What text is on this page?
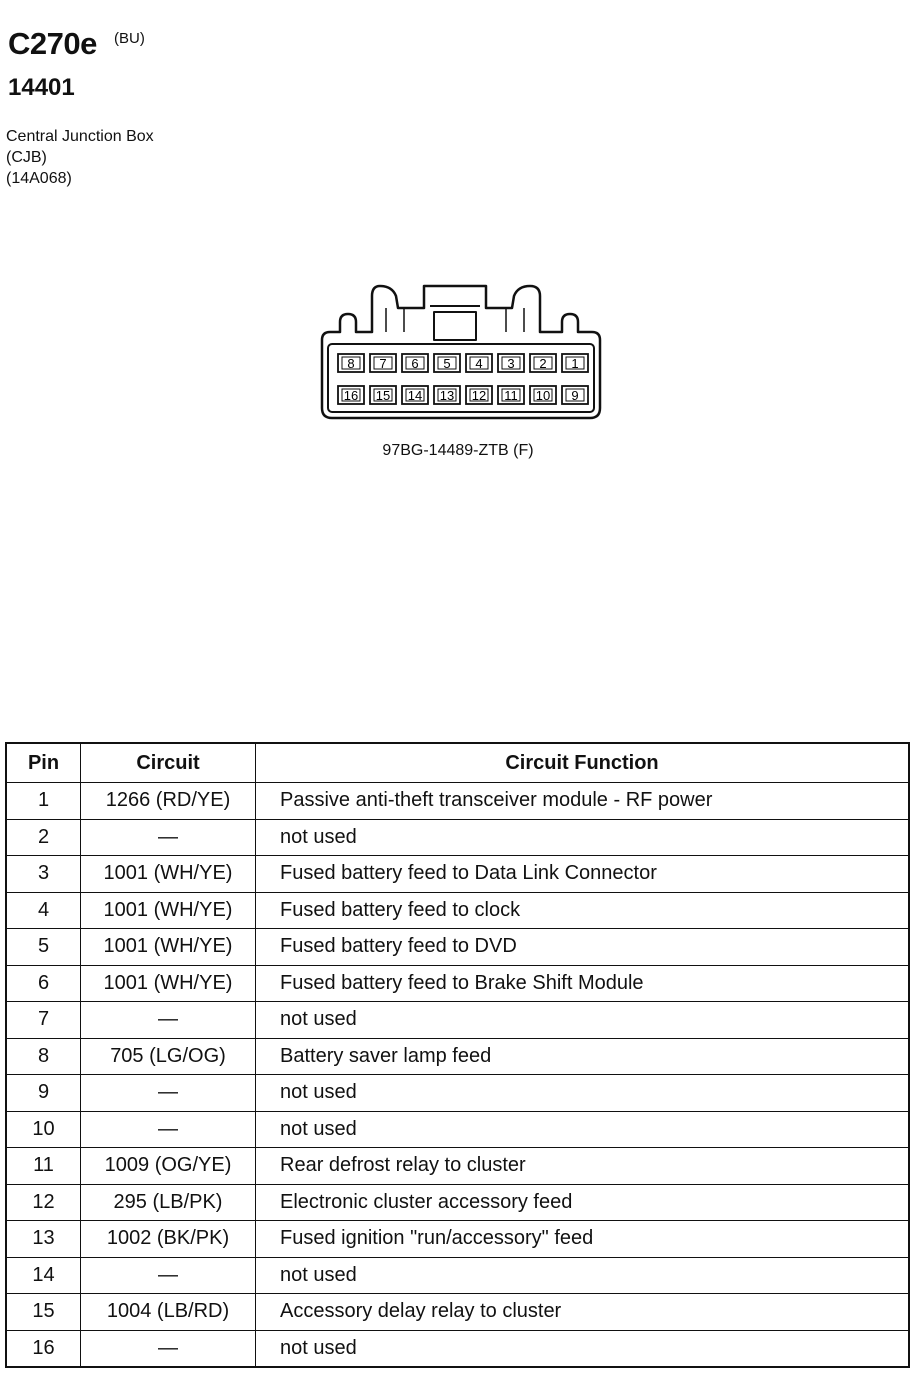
C270e (BU)
14401
Central Junction Box
(CJB)
(14A068)
8 7 6 5 4 3 2 1
16 15 14 13 12 11 10 9
97BG-14489-ZTB (F)
Pin	Circuit	Circuit Function
1	1266 (RD/YE)	Passive anti-theft transceiver module - RF power
2	—	not used
3	1001 (WH/YE)	Fused battery feed to Data Link Connector
4	1001 (WH/YE)	Fused battery feed to clock
5	1001 (WH/YE)	Fused battery feed to DVD
6	1001 (WH/YE)	Fused battery feed to Brake Shift Module
7	—	not used
8	705 (LG/OG)	Battery saver lamp feed
9	—	not used
10	—	not used
11	1009 (OG/YE)	Rear defrost relay to cluster
12	295 (LB/PK)	Electronic cluster accessory feed
13	1002 (BK/PK)	Fused ignition "run/accessory" feed
14	—	not used
15	1004 (LB/RD)	Accessory delay relay to cluster
16	—	not used
